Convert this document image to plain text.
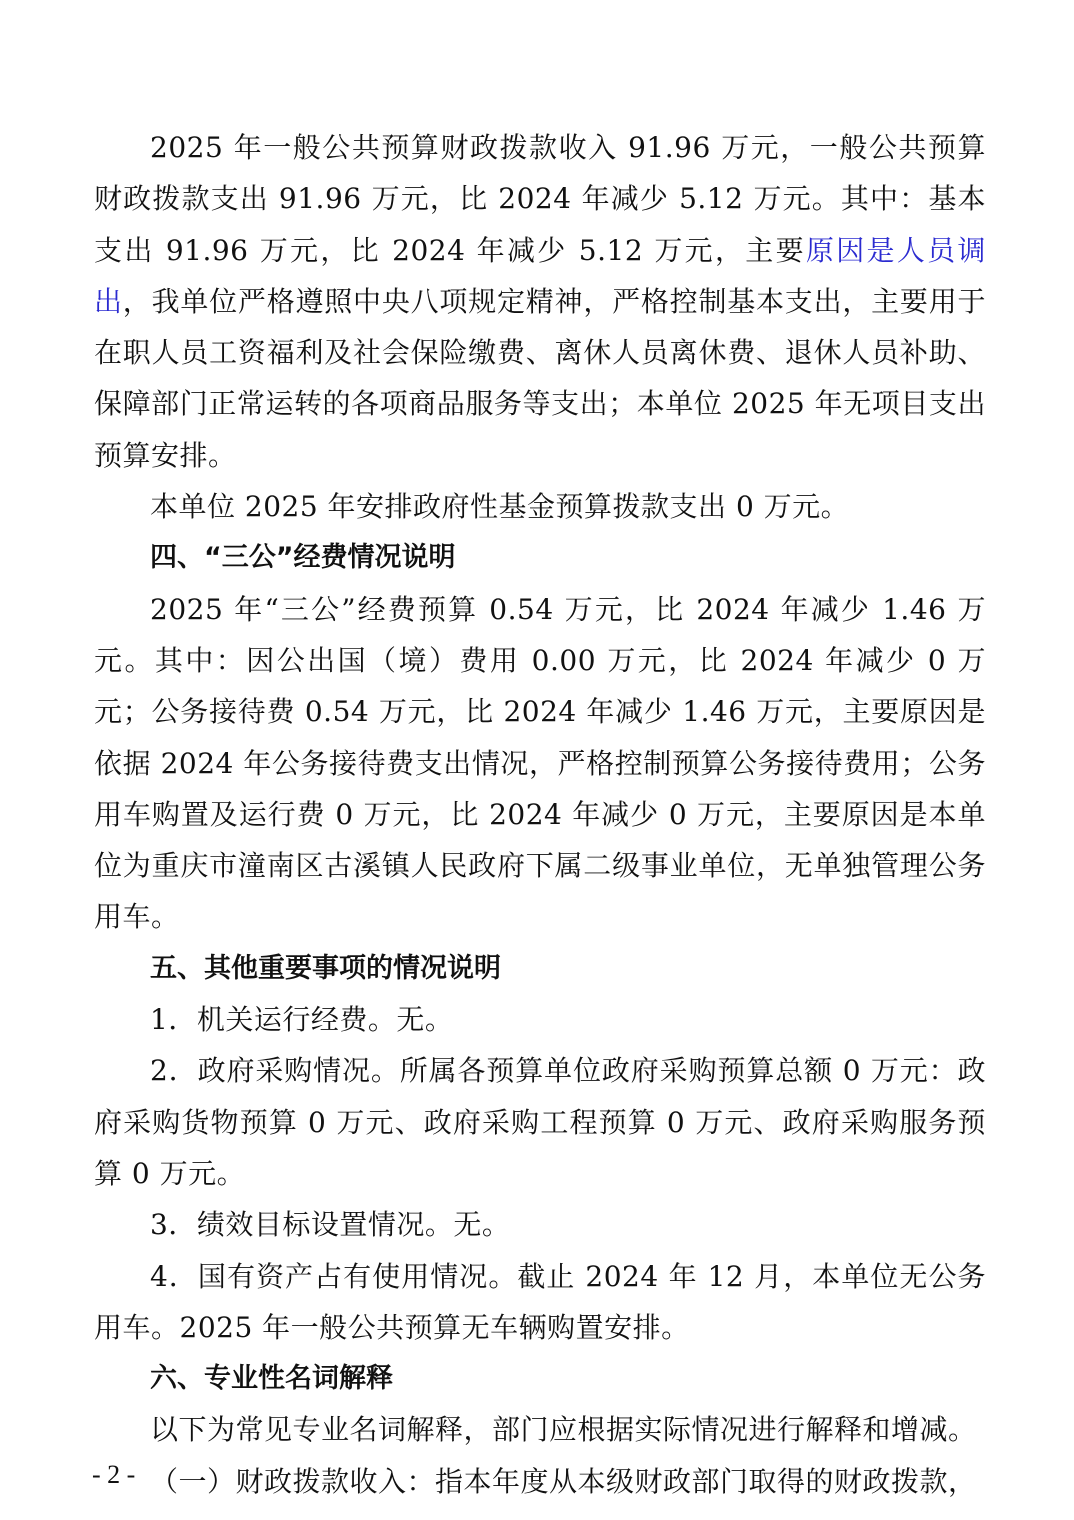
2025 年一般公共预算财政拨款收入 91.96 万元，一般公共预算财政拨款支出 91.96 万元，比 2024 年减少 5.12 万元。其中：基本支出 91.96 万元，比 2024 年减少 5.12 万元，主要原因是人员调出，我单位严格遵照中央八项规定精神，严格控制基本支出，主要用于在职人员工资福利及社会保险缴费、离休人员离休费、退休人员补助、保障部门正常运转的各项商品服务等支出；本单位 2025 年无项目支出预算安排。

本单位 2025 年安排政府性基金预算拨款支出 0 万元。

四、“三公”经费情况说明

2025 年“三公”经费预算 0.54 万元，比 2024 年减少 1.46 万元。其中：因公出国（境）费用 0.00 万元，比 2024 年减少 0 万元；公务接待费 0.54 万元，比 2024 年减少 1.46 万元，主要原因是依据 2024 年公务接待费支出情况，严格控制预算公务接待费用；公务用车购置及运行费 0 万元，比 2024 年减少 0 万元，主要原因是本单位为重庆市潼南区古溪镇人民政府下属二级事业单位，无单独管理公务用车。

五、其他重要事项的情况说明

1．机关运行经费。无。

2．政府采购情况。所属各预算单位政府采购预算总额 0 万元：政府采购货物预算 0 万元、政府采购工程预算 0 万元、政府采购服务预算 0 万元。

3．绩效目标设置情况。无。

4．国有资产占有使用情况。截止 2024 年 12 月，本单位无公务用车。2025 年一般公共预算无车辆购置安排。

六、专业性名词解释

以下为常见专业名词解释，部门应根据实际情况进行解释和增减。

（一）财政拨款收入：指本年度从本级财政部门取得的财政拨款，

- 2 -
